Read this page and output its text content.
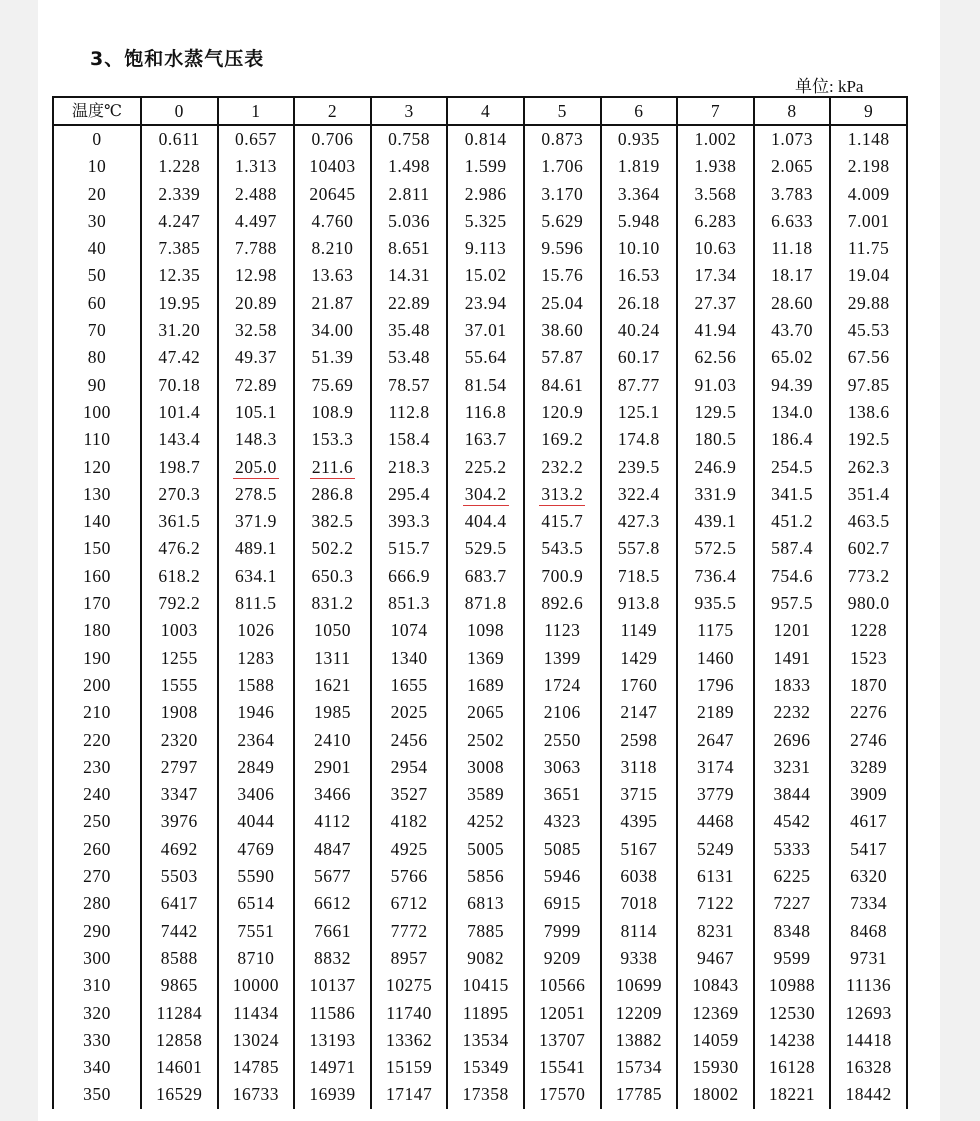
3、饱和水蒸气压表
单位: kPa
温度℃	0	1	2	3	4	5	6	7	8	9
0	0.611	0.657	0.706	0.758	0.814	0.873	0.935	1.002	1.073	1.148
10	1.228	1.313	10403	1.498	1.599	1.706	1.819	1.938	2.065	2.198
20	2.339	2.488	20645	2.811	2.986	3.170	3.364	3.568	3.783	4.009
30	4.247	4.497	4.760	5.036	5.325	5.629	5.948	6.283	6.633	7.001
40	7.385	7.788	8.210	8.651	9.113	9.596	10.10	10.63	11.18	11.75
50	12.35	12.98	13.63	14.31	15.02	15.76	16.53	17.34	18.17	19.04
60	19.95	20.89	21.87	22.89	23.94	25.04	26.18	27.37	28.60	29.88
70	31.20	32.58	34.00	35.48	37.01	38.60	40.24	41.94	43.70	45.53
80	47.42	49.37	51.39	53.48	55.64	57.87	60.17	62.56	65.02	67.56
90	70.18	72.89	75.69	78.57	81.54	84.61	87.77	91.03	94.39	97.85
100	101.4	105.1	108.9	112.8	116.8	120.9	125.1	129.5	134.0	138.6
110	143.4	148.3	153.3	158.4	163.7	169.2	174.8	180.5	186.4	192.5
120	198.7	205.0	211.6	218.3	225.2	232.2	239.5	246.9	254.5	262.3
130	270.3	278.5	286.8	295.4	304.2	313.2	322.4	331.9	341.5	351.4
140	361.5	371.9	382.5	393.3	404.4	415.7	427.3	439.1	451.2	463.5
150	476.2	489.1	502.2	515.7	529.5	543.5	557.8	572.5	587.4	602.7
160	618.2	634.1	650.3	666.9	683.7	700.9	718.5	736.4	754.6	773.2
170	792.2	811.5	831.2	851.3	871.8	892.6	913.8	935.5	957.5	980.0
180	1003	1026	1050	1074	1098	1123	1149	1175	1201	1228
190	1255	1283	1311	1340	1369	1399	1429	1460	1491	1523
200	1555	1588	1621	1655	1689	1724	1760	1796	1833	1870
210	1908	1946	1985	2025	2065	2106	2147	2189	2232	2276
220	2320	2364	2410	2456	2502	2550	2598	2647	2696	2746
230	2797	2849	2901	2954	3008	3063	3118	3174	3231	3289
240	3347	3406	3466	3527	3589	3651	3715	3779	3844	3909
250	3976	4044	4112	4182	4252	4323	4395	4468	4542	4617
260	4692	4769	4847	4925	5005	5085	5167	5249	5333	5417
270	5503	5590	5677	5766	5856	5946	6038	6131	6225	6320
280	6417	6514	6612	6712	6813	6915	7018	7122	7227	7334
290	7442	7551	7661	7772	7885	7999	8114	8231	8348	8468
300	8588	8710	8832	8957	9082	9209	9338	9467	9599	9731
310	9865	10000	10137	10275	10415	10566	10699	10843	10988	11136
320	11284	11434	11586	11740	11895	12051	12209	12369	12530	12693
330	12858	13024	13193	13362	13534	13707	13882	14059	14238	14418
340	14601	14785	14971	15159	15349	15541	15734	15930	16128	16328
350	16529	16733	16939	17147	17358	17570	17785	18002	18221	18442
